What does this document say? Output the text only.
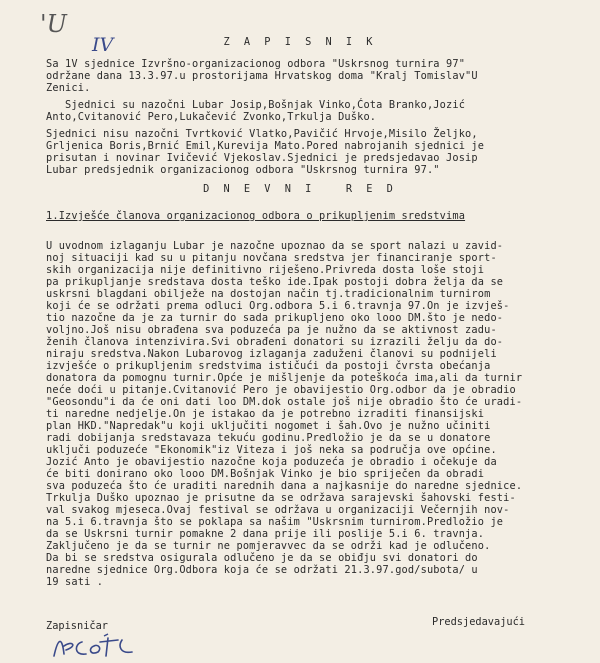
'U
IV	Z A P I S N I K
Sa 1V sjednice Izvršno-organizacionog odbora "Uskrsnog turnira 97"
održane dana 13.3.97.u prostorijama Hrvatskog doma "Kralj Tomislav"U
Zenici.
Sjednici su nazočni Lubar Josip,Bošnjak Vinko,Ćota Branko,Jozić
Anto,Cvitanović Pero,Lukačević Zvonko,Trkulja Duško.
Sjednici nisu nazočni Tvrtković Vlatko,Pavičić Hrvoje,Misilo Željko,
Grljenica Boris,Brnić Emil,Kurevija Mato.Pored nabrojanih sjednici je
prisutan i novinar Ivičević Vjekoslav.Sjednici je predsjedavao Josip
Lubar predsjednik organizacionog odbora "Uskrsnog turnira 97."
D N E V N I   R E D
1.Izvješće članova organizacionog odbora o prikupljenim sredstvima
U uvodnom izlaganju Lubar je nazočne upoznao da se sport nalazi u zavid-
noj situaciji kad su u pitanju novčana sredstva jer financiranje sport-
skih organizacija nije definitivno riješeno.Privreda dosta loše stoji
pa prikupljanje sredstava dosta teško ide.Ipak postoji dobra želja da se
uskrsni blagdani obilježe na dostojan način tj.tradicionalnim turnirom
koji će se održati prema odluci Org.odbora 5.i 6.travnja 97.On je izvješ-
tio nazočne da je za turnir do sada prikupljeno oko looo DM.što je nedo-
voljno.Još nisu obrađena sva poduzeća pa je nužno da se aktivnost zadu-
ženih članova intenzivira.Svi obrađeni donatori su izrazili želju da do-
niraju sredstva.Nakon Lubarovog izlaganja zaduženi članovi su podnijeli
izvješće o prikupljenim sredstvima ističući da postoji čvrsta obećanja
donatora da pomognu turnir.Opće je mišljenje da poteškoća ima,ali da turnir
neće doći u pitanje.Cvitanović Pero je obavijestio Org.odbor da je obradio
"Geosondu"i da će oni dati loo DM.dok ostale još nije obradio što će uradi-
ti naredne nedjelje.On je istakao da je potrebno izraditi finansijski
plan HKD."Napredak"u koji uključiti nogomet i šah.Ovo je nužno učiniti
radi dobijanja sredstavaza tekuću godinu.Predložio je da se u donatore
uključi poduzeće "Ekonomik"iz Viteza i još neka sa područja ove općine.
Jozić Anto je obavijestio nazočne koja poduzeća je obradio i očekuje da
će biti donirano oko looo DM.Bošnjak Vinko je bio spriječen da obradi
sva poduzeća što će uraditi narednih dana a najkasnije do naredne sjednice.
Trkulja Duško upoznao je prisutne da se održava sarajevski šahovski festi-
val svakog mjeseca.Ovaj festival se održava u organizaciji Večernjih nov-
na 5.i 6.travnja što se poklapa sa našim "Uskrsnim turnirom.Predložio je
da se Uskrsni turnir pomakne 2 dana prije ili poslije 5.i 6. travnja.
Zaključeno je da se turnir ne pomjeravvec da se održi kad je odlučeno.
Da bi se sredstva osigurala odlučeno je da se obiđju svi donatori do
naredne sjednice Org.Odbora koja će se održati 21.3.97.god/subota/ u
19 sati .
Zapisničar	Predsjedavajući
